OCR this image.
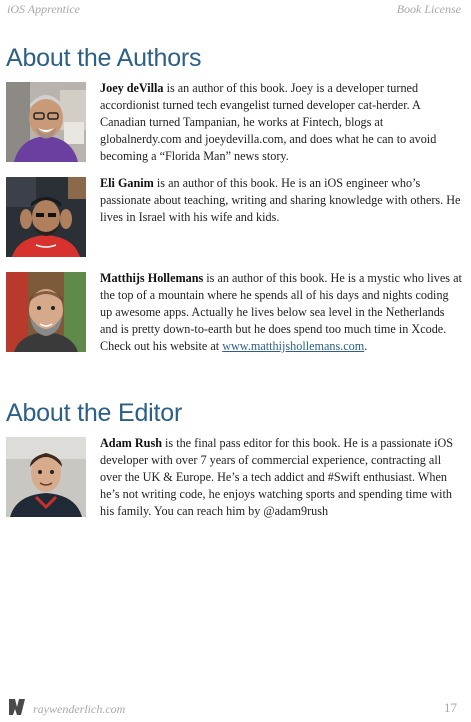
iOS Apprentice	Book License
About the Authors
Joey deVilla is an author of this book. Joey is a developer turned accordionist turned tech evangelist turned developer cat-herder. A Canadian turned Tampanian, he works at Fintech, blogs at globalnerdy.com and joeydevilla.com, and does what he can to avoid becoming a “Florida Man” news story.
Eli Ganim is an author of this book. He is an iOS engineer who’s passionate about teaching, writing and sharing knowledge with others. He lives in Israel with his wife and kids.
Matthijs Hollemans is an author of this book. He is a mystic who lives at the top of a mountain where he spends all of his days and nights coding up awesome apps. Actually he lives below sea level in the Netherlands and is pretty down-to-earth but he does spend too much time in Xcode. Check out his website at www.matthijshollemans.com.
About the Editor
Adam Rush is the final pass editor for this book. He is a passionate iOS developer with over 7 years of commercial experience, contracting all over the UK & Europe. He’s a tech addict and #Swift enthusiast. When he’s not writing code, he enjoys watching sports and spending time with his family. You can reach him by @adam9rush
raywenderlich.com	17
